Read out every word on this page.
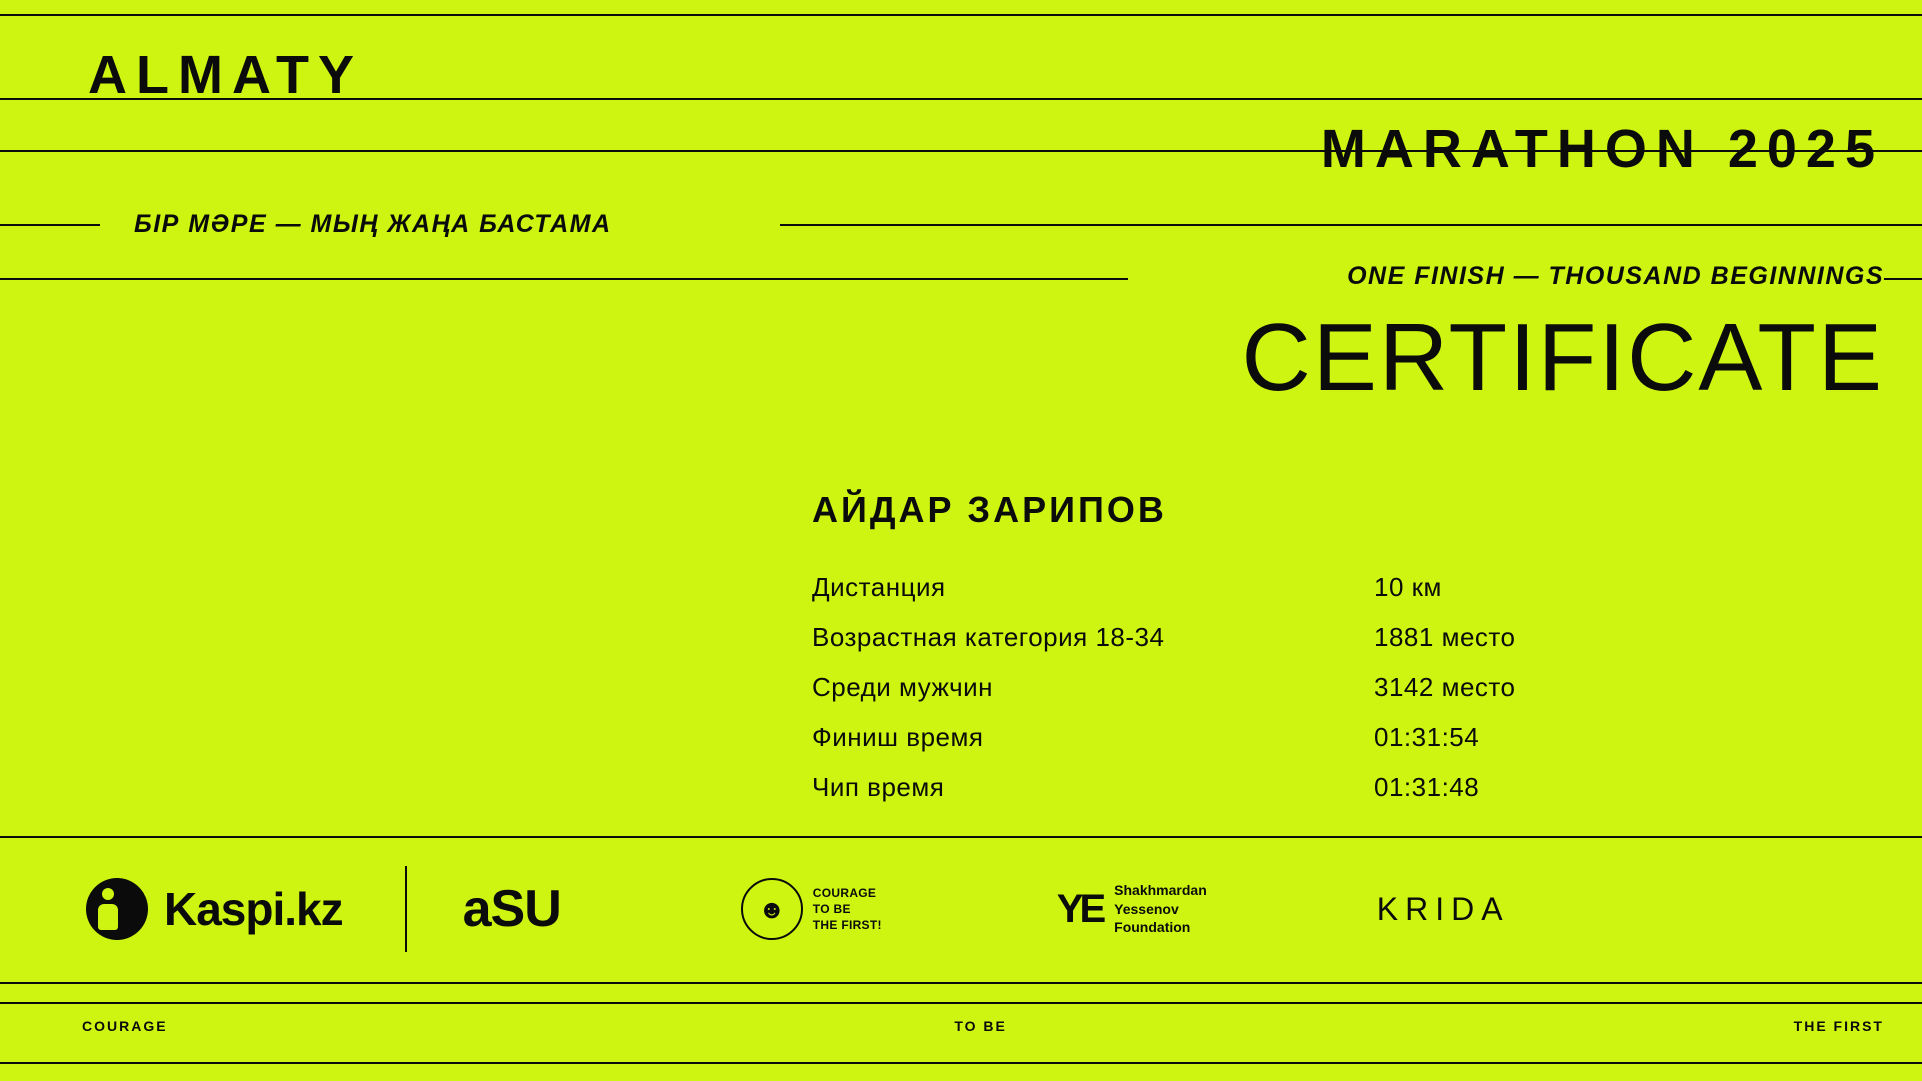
ALMATY
MARATHON 2025
БІР МӘРЕ — МЫҢ ЖАҢА БАСТАМА
ONE FINISH — THOUSAND BEGINNINGS
CERTIFICATE
АЙДАР ЗАРИПОВ
Дистанция	10 км
Возрастная категория 18-34	1881 место
Среди мужчин	3142 место
Финиш время	01:31:54
Чип время	01:31:48
Kaspi.kz aSU	☻
COURAGE
TO BE
THE FIRST!	YE Shakhmardan
Yessenov
Foundation
KRIDA
COURAGE	TO BE	THE FIRST
